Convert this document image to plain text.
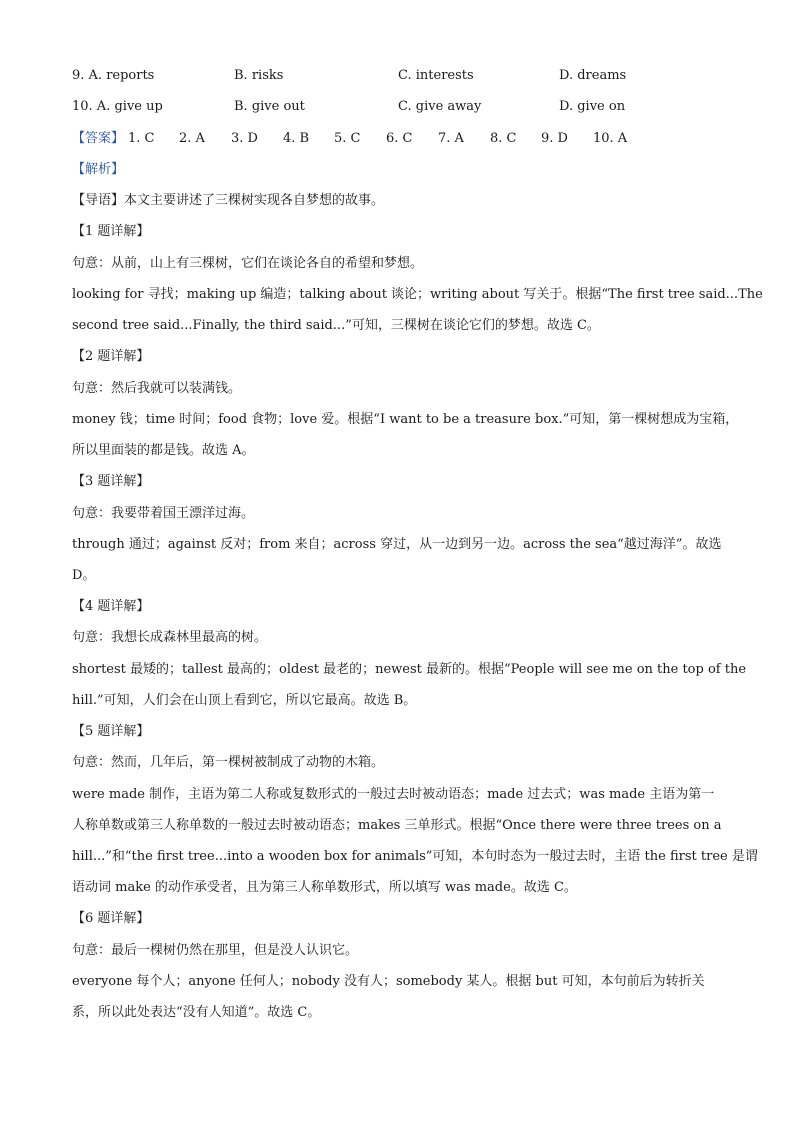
9. A. reports	B. risks	C. interests	D. dreams
10. A. give up	B. give out	C. give away	D. give on
【答案】 1. C 2. A 3. D 4. B 5. C 6. C 7. A 8. C 9. D 10. A
【解析】
【导语】本文主要讲述了三棵树实现各自梦想的故事。
【1 题详解】
句意：从前，山上有三棵树，它们在谈论各自的希望和梦想。
looking for 寻找；making up 编造；talking about 谈论；writing about 写关于。根据“The first tree said...The
second tree said...Finally, the third said...”可知，三棵树在谈论它们的梦想。故选 C。
【2 题详解】
句意：然后我就可以装满钱。
money 钱；time 时间；food 食物；love 爱。根据“I want to be a treasure box.”可知，第一棵树想成为宝箱，
所以里面装的都是钱。故选 A。
【3 题详解】
句意：我要带着国王漂洋过海。
through 通过；against 反对；from 来自；across 穿过，从一边到另一边。across the sea“越过海洋”。故选
D。
【4 题详解】
句意：我想长成森林里最高的树。
shortest 最矮的；tallest 最高的；oldest 最老的；newest 最新的。根据“People will see me on the top of the
hill.”可知，人们会在山顶上看到它，所以它最高。故选 B。
【5 题详解】
句意：然而，几年后，第一棵树被制成了动物的木箱。
were made 制作，主语为第二人称或复数形式的一般过去时被动语态；made 过去式；was made 主语为第一
人称单数或第三人称单数的一般过去时被动语态；makes 三单形式。根据“Once there were three trees on a
hill...”和“the first tree...into a wooden box for animals”可知，本句时态为一般过去时，主语 the first tree 是谓
语动词 make 的动作承受者，且为第三人称单数形式，所以填写 was made。故选 C。
【6 题详解】
句意：最后一棵树仍然在那里，但是没人认识它。
everyone 每个人；anyone 任何人；nobody 没有人；somebody 某人。根据 but 可知，本句前后为转折关
系，所以此处表达“没有人知道”。故选 C。
